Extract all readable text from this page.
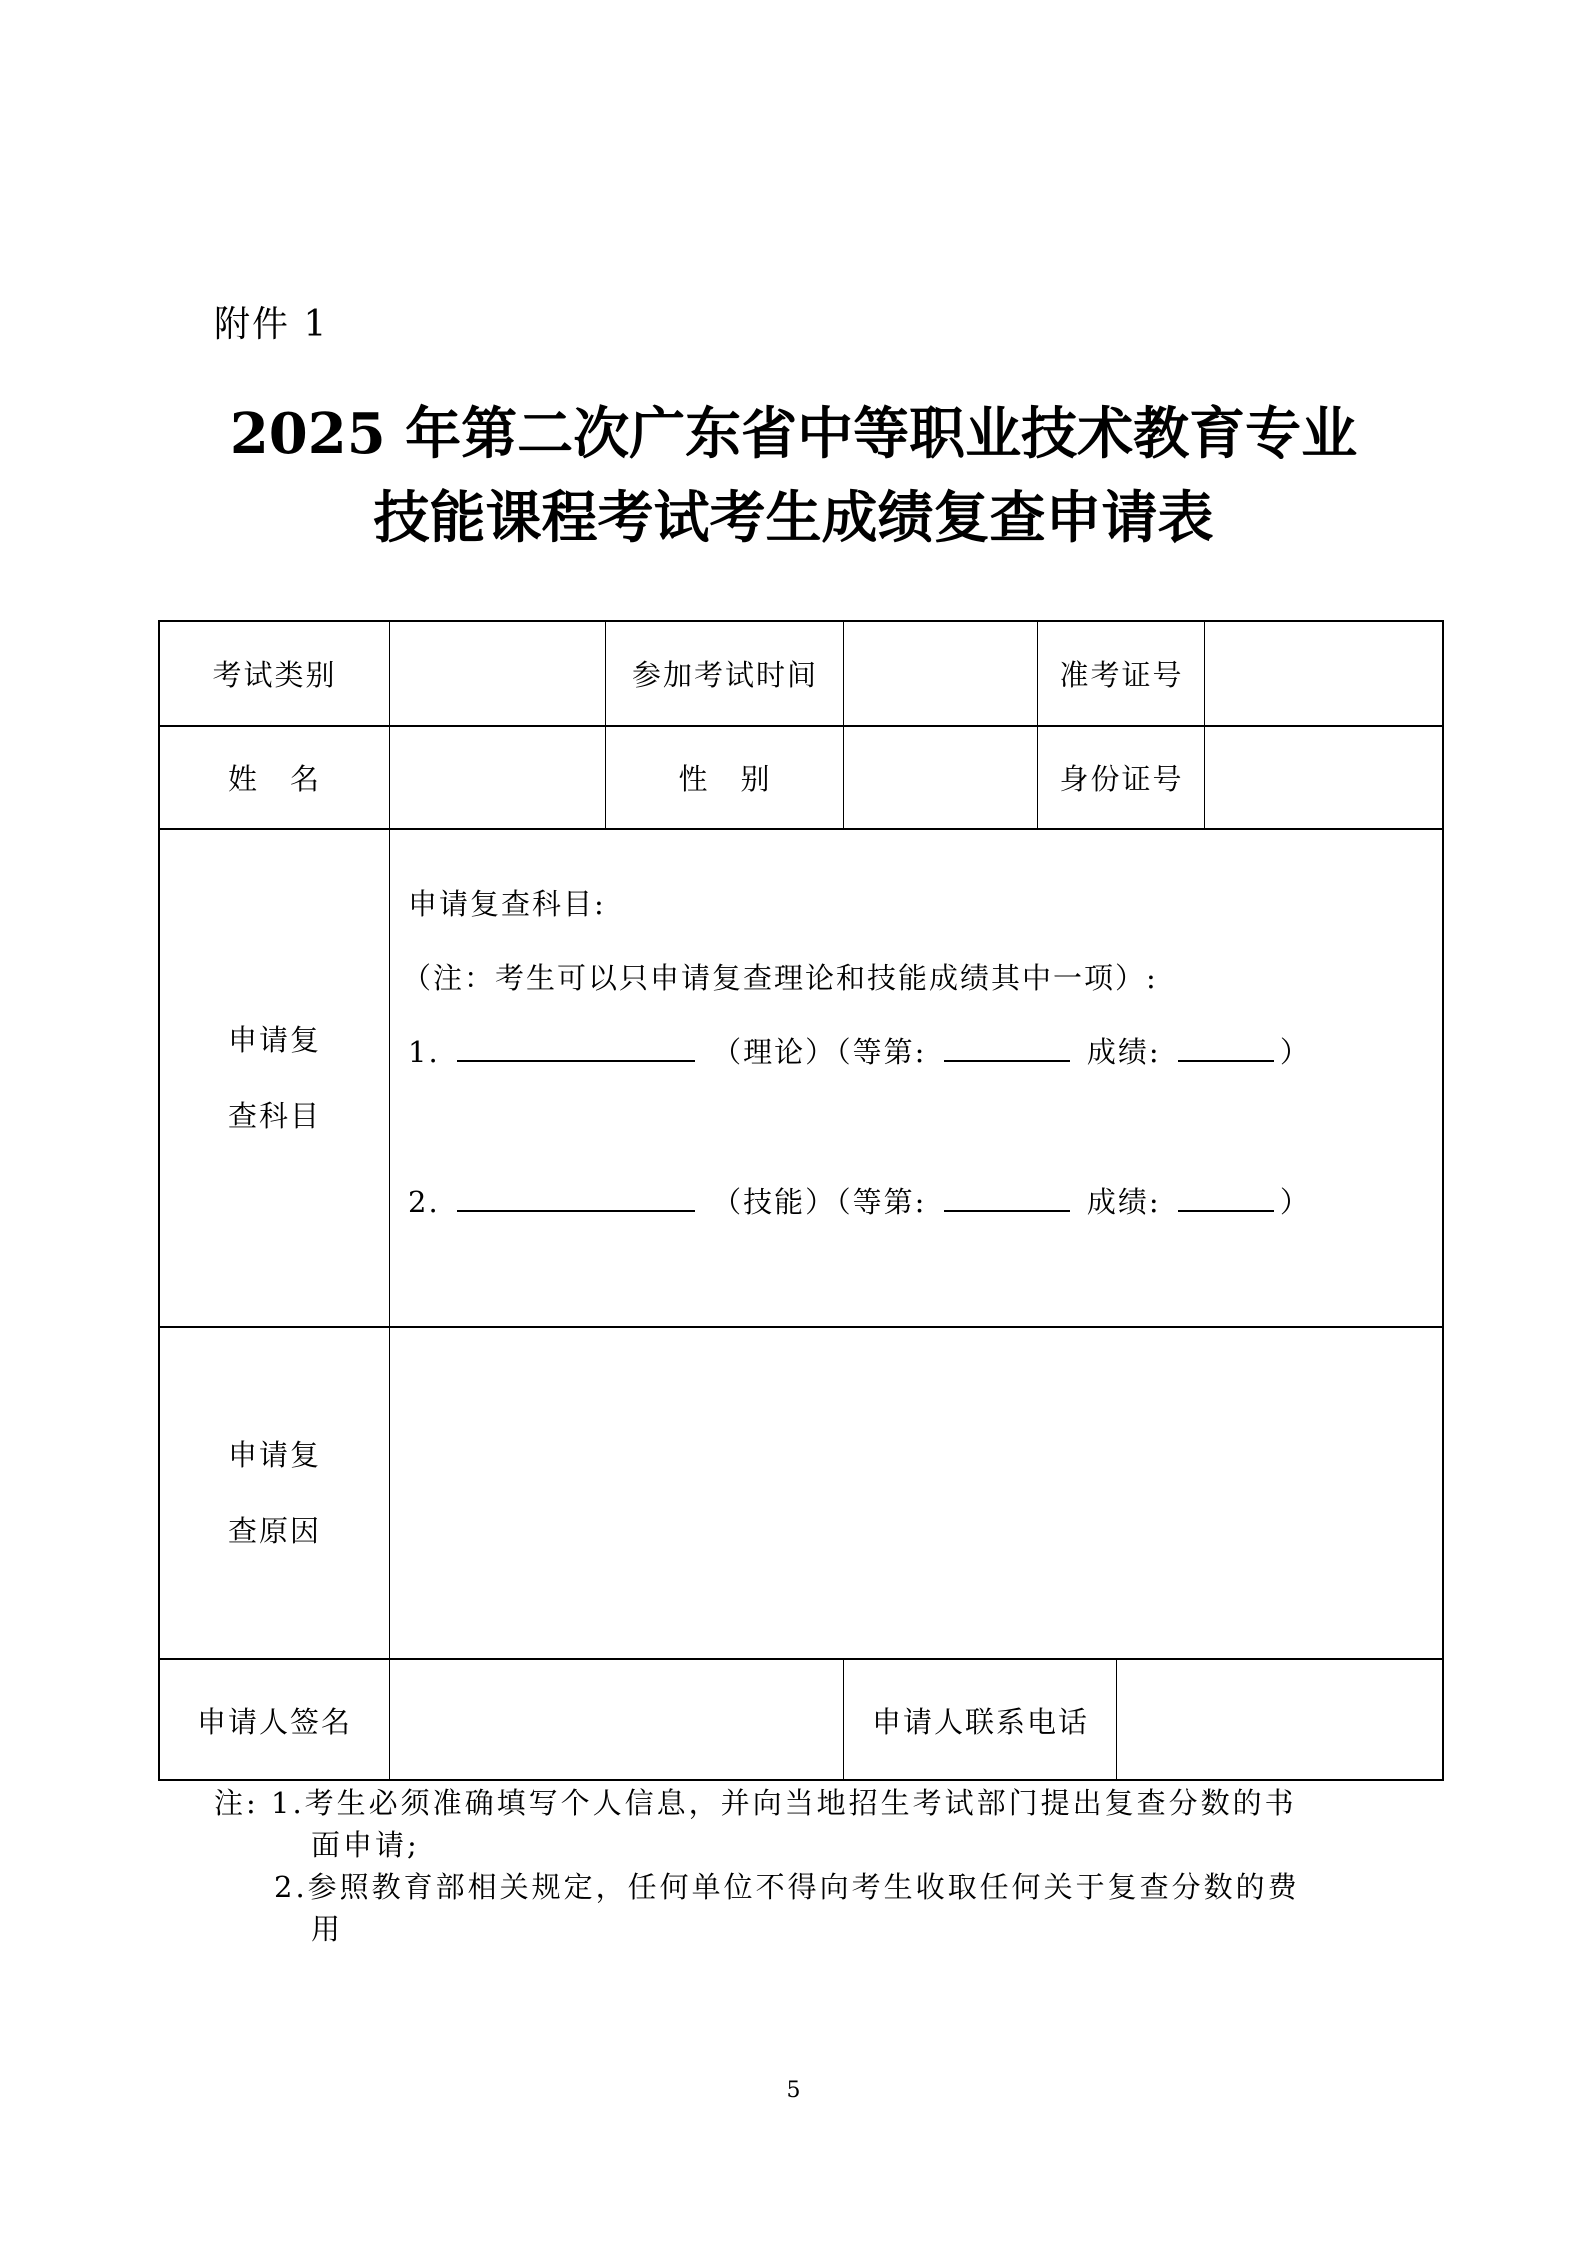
附件 1
2025 年第二次广东省中等职业技术教育专业
技能课程考试考生成绩复查申请表
考试类别	参加考试时间	准考证号
姓　名	性　别	身份证号
申请复
查科目
申请复查科目:
（注：考生可以只申请复查理论和技能成绩其中一项）:
1.	（理论）（等第:	成绩:	）
2.	（技能）（等第:	成绩:	）
申请复
查原因
申请人签名	申请人联系电话
注: 1.考生必须准确填写个人信息，并向当地招生考试部门提出复查分数的书
面申请;
2.参照教育部相关规定，任何单位不得向考生收取任何关于复查分数的费
用
5
